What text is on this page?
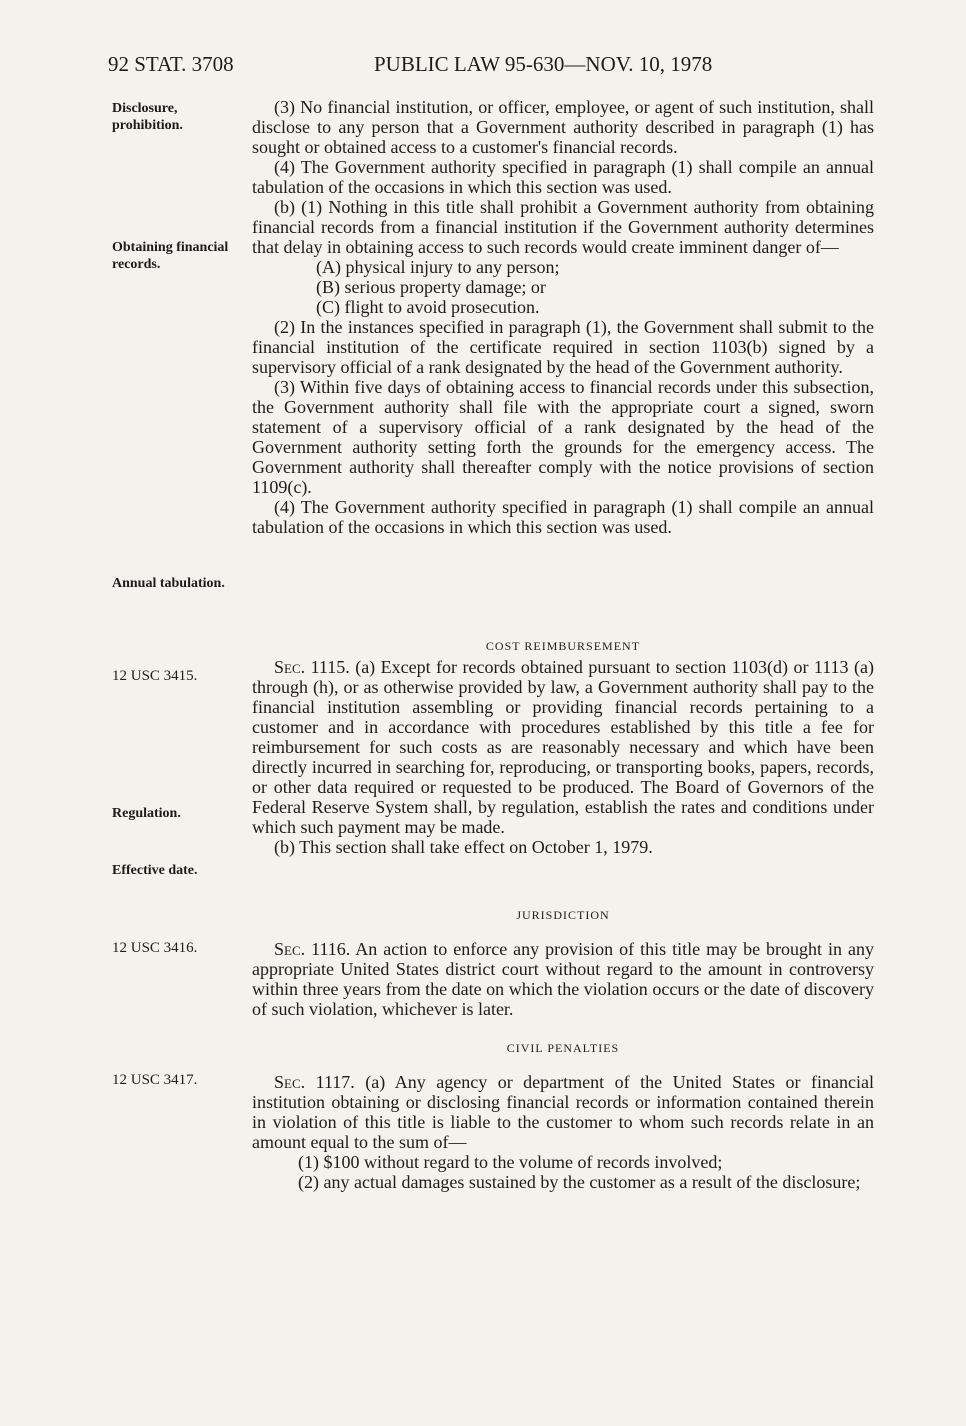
92 STAT. 3708	PUBLIC LAW 95-630—NOV. 10, 1978
Disclosure, prohibition.
Obtaining financial records.
Annual tabulation.
12 USC 3415.
Regulation.
Effective date.
12 USC 3416.
12 USC 3417.

(3) No financial institution, or officer, employee, or agent of such institution, shall disclose to any person that a Government authority described in paragraph (1) has sought or obtained access to a customer's financial records.

(4) The Government authority specified in paragraph (1) shall compile an annual tabulation of the occasions in which this section was used.

(b) (1) Nothing in this title shall prohibit a Government authority from obtaining financial records from a financial institution if the Government authority determines that delay in obtaining access to such records would create imminent danger of—

(A) physical injury to any person;

(B) serious property damage; or

(C) flight to avoid prosecution.

(2) In the instances specified in paragraph (1), the Government shall submit to the financial institution of the certificate required in section 1103(b) signed by a supervisory official of a rank designated by the head of the Government authority.

(3) Within five days of obtaining access to financial records under this subsection, the Government authority shall file with the appropriate court a signed, sworn statement of a supervisory official of a rank designated by the head of the Government authority setting forth the grounds for the emergency access. The Government authority shall thereafter comply with the notice provisions of section 1109(c).

(4) The Government authority specified in paragraph (1) shall compile an annual tabulation of the occasions in which this section was used.

COST REIMBURSEMENT

Sec. 1115. (a) Except for records obtained pursuant to section 1103(d) or 1113 (a) through (h), or as otherwise provided by law, a Government authority shall pay to the financial institution assembling or providing financial records pertaining to a customer and in accordance with procedures established by this title a fee for reimbursement for such costs as are reasonably necessary and which have been directly incurred in searching for, reproducing, or transporting books, papers, records, or other data required or requested to be produced. The Board of Governors of the Federal Reserve System shall, by regulation, establish the rates and conditions under which such payment may be made.

(b) This section shall take effect on October 1, 1979.

JURISDICTION

Sec. 1116. An action to enforce any provision of this title may be brought in any appropriate United States district court without regard to the amount in controversy within three years from the date on which the violation occurs or the date of discovery of such violation, whichever is later.

CIVIL PENALTIES

Sec. 1117. (a) Any agency or department of the United States or financial institution obtaining or disclosing financial records or information contained therein in violation of this title is liable to the customer to whom such records relate in an amount equal to the sum of—

(1) $100 without regard to the volume of records involved;

(2) any actual damages sustained by the customer as a result of the disclosure;
